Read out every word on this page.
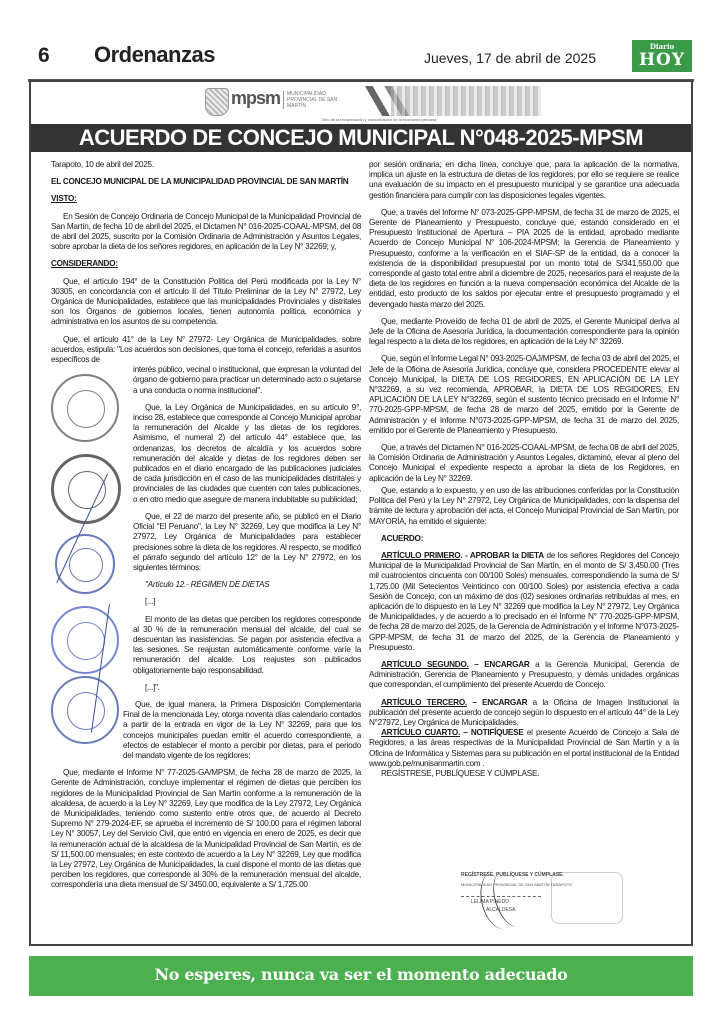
6 Ordenanzas	Jueves, 17 de abril de 2025
Diario
HOY
mpsm	MUNICIPALIDAD PROVINCIAL DE SAN MARTÍN
"Año de la recuperación y consolidación de la economía peruana"
ACUERDO DE CONCEJO MUNICIPAL N°048-2025-MPSM

Tarapoto, 10 de abril del 2025.

EL CONCEJO MUNICIPAL DE LA MUNICIPALIDAD PROVINCIAL DE SAN MARTÍN

VISTO:

En Sesión de Concejo Ordinaria de Concejo Municipal de la Municipalidad Provincial de San Martín, de fecha 10 de abril del 2025, el Dictamen N° 016-2025-COAAL-MPSM, del 08 de abril del 2025, suscrito por la Comisión Ordinaria de Administración y Asuntos Legales, sobre aprobar la dieta de los señores regidores, en aplicación de la Ley N° 32269; y,

CONSIDERANDO:

Que, el artículo 194° de la Constitución Política del Perú modificada por la Ley N° 30305, en concordancia con el artículo II del Título Preliminar de la Ley N° 27972, Ley Orgánica de Municipalidades, establece que las municipalidades Provinciales y distritales son los Órganos de gobiernos locales, tienen autonomía política, económica y administrativa en los asuntos de su competencia.

Que, el artículo 41° de la Ley N° 27972- Ley Orgánica de Municipalidades, sobre acuerdos, estipula: "Los acuerdos son decisiones, que toma el concejo, referidas a asuntos específicos de

interés público, vecinal o institucional, que expresan la voluntad del órgano de gobierno para practicar un determinado acto o sujetarse a una conducta o norma institucional".

Que, la Ley Orgánica de Municipalidades, en su artículo 9°, inciso 28, establece que corresponde al Concejo Municipal aprobar la remuneración del Alcalde y las dietas de los regidores. Asimismo, el numeral 2) del artículo 44° establece que, las ordenanzas, los decretos de alcaldía y los acuerdos sobre remuneración del alcalde y dietas de los regidores deben ser publicados en el diario encargado de las publicaciones judiciales de cada jurisdicción en el caso de las municipalidades distritales y provinciales de las ciudades que cuenten con tales publicaciones, o en otro medio que asegure de manera indubitable su publicidad;

Que, el 22 de marzo del presente año, se publicó en el Diario Oficial "El Peruano", la Ley N° 32269, Ley que modifica la Ley N° 27972, Ley Orgánica de Municipalidades para establecer precisiones sobre la dieta de los regidores. Al respecto, se modificó el párrafo segundo del artículo 12° de la Ley N° 27972, en los siguientes términos:

"Artículo 12.- RÉGIMEN DE DIETAS

[...]

El monto de las dietas que perciben los regidores corresponde al 30 % de la remuneración mensual del alcalde, del cual se descuentan las inasistencias. Se pagan por asistencia efectiva a las sesiones. Se reajustan automáticamente conforme varíe la remuneración del alcalde. Los reajustes son publicados obligatoriamente bajo responsabilidad.

[...]".

Que, de igual manera, la Primera Disposición Complementaria Final de la mencionada Ley, otorga noventa días calendario contados a partir de la entrada en vigor de la Ley N° 32269, para que los concejos municipales puedan emitir el acuerdo correspondiente, a efectos de establecer el monto a percibir por dietas, para el periodo del mandato vigente de los regidores;

Que, mediante el Informe N° 77-2025-GA/MPSM, de fecha 28 de marzo de 2025, la Gerente de Administración, concluye implementar el régimen de dietas que perciben los regidores de la Municipalidad Provincial de San Martín conforme a la remuneración de la alcaldesa, de acuerdo a la Ley N° 32269, Ley que modifica de la Ley 27972, Ley Orgánica de Municipalidades, teniendo como sustento entre otros que, de acuerdo al Decreto Supremo N° 279-2024-EF, se aprueba el incremento de S/ 100.00 para el régimen laboral Ley N° 30057, Ley del Servicio Civil, que entró en vigencia en enero de 2025, es decir que la remuneración actual de la alcaldesa de la Municipalidad Provincial de San Martín, es de S/ 11,500.00 mensuales; en este contexto de acuerdo a la Ley N° 32269, Ley que modifica la Ley 27972, Ley Orgánica de Municipalidades, la cual dispone el monto de las dietas que perciben los regidores, que corresponde al 30% de la remuneración mensual del alcalde, correspondería una dieta mensual de S/ 3450.00, equivalente a S/ 1,725.00

por sesión ordinaria; en dicha línea, concluye que, para la aplicación de la normativa, implica un ajuste en la estructura de dietas de los regidores, por ello se requiere se realice una evaluación de su impacto en el presupuesto municipal y se garantice una adecuada gestión financiera para cumplir con las disposiciones legales vigentes.

Que, a través del Informe N° 073-2025-GPP-MPSM, de fecha 31 de marzo de 2025, el Gerente de Planeamiento y Presupuesto, concluye que, estando considerado en el Presupuesto Institucional de Apertura – PIA 2025 de la entidad, aprobado mediante Acuerdo de Concejo Municipal N° 106-2024-MPSM; la Gerencia de Planeamiento y Presupuesto, conforme a la verificación en el SIAF-SP de la entidad, da a conocer la existencia de la disponibilidad presupuestal por un monto total de S/341,550.00 que corresponde al gasto total entre abril a diciembre de 2025, necesarios para el reajuste de la dieta de los regidores en función a la nueva compensación económica del Alcalde de la entidad, esto producto de los saldos por ejecutar entre el presupuesto programado y el devengado hasta marzo del 2025.

Que, mediante Proveído de fecha 01 de abril de 2025, el Gerente Municipal deriva al Jefe de la Oficina de Asesoría Jurídica, la documentación correspondiente para la opinión legal respecto a la dieta de los regidores, en aplicación de la Ley N° 32269.

Que, según el Informe Legal N° 093-2025-OAJ/MPSM, de fecha 03 de abril del 2025, el Jefe de la Oficina de Asesoría Jurídica, concluye que, considera PROCEDENTE elevar al Concejo Municipal, la DIETA DE LOS REGIDORES, EN APLICACIÓN DE LA LEY N°32269, a su vez recomienda, APROBAR, la DIETA DE LOS REGIDORES, EN APLICACIÓN DE LA LEY N°32269, según el sustento técnico precisado en el Informe N° 770-2025-GPP-MPSM, de fecha 28 de marzo del 2025, emitido por la Gerente de Administración y el Informe N°073-2025-GPP-MPSM, de fecha 31 de marzo del 2025, emitido por el Gerente de Planeamiento y Presupuesto.

Que, a través del Dictamen N° 016-2025-COAAL-MPSM, de fecha 08 de abril del 2025, la Comisión Ordinaria de Administración y Asuntos Legales, dictaminó, elevar al pleno del Concejo Municipal el expediente respecto a aprobar la dieta de los Regidores, en aplicación de la Ley N° 32269.

Que, estando a lo expuesto, y en uso de las atribuciones conferidas por la Constitución Política del Perú y la Ley N° 27972, Ley Orgánica de Municipalidades, con la dispensa del trámite de lectura y aprobación del acta, el Concejo Municipal Provincial de San Martín, por MAYORÍA, ha emitido el siguiente:

ACUERDO:

ARTÍCULO PRIMERO. - APROBAR la DIETA de los señores Regidores del Concejo Municipal de la Municipalidad Provincial de San Martín, en el monto de S/ 3,450.00 (Tres mil cuatrocientos cincuenta con 00/100 Soles) mensuales, correspondiendo la suma de S/ 1,725.00 (Mil Setecientos Veinticinco con 00/100 Soles) por asistencia efectiva a cada Sesión de Concejo, con un máximo de dos (02) sesiones ordinarias retribuidas al mes, en aplicación de lo dispuesto en la Ley N° 32269 que modifica la Ley N° 27972, Ley Orgánica de Municipalidades, y de acuerdo a lo precisado en el Informe N° 770-2025-GPP-MPSM, de fecha 28 de marzo del 2025, de la Gerencia de Administración y el Informe N°073-2025-GPP-MPSM, de fecha 31 de marzo del 2025, de la Gerencia de Planeamiento y Presupuesto.

ARTÍCULO SEGUNDO. – ENCARGAR a la Gerencia Municipal, Gerencia de Administración, Gerencia de Planeamiento y Presupuesto, y demás unidades orgánicas que correspondan, el cumplimiento del presente Acuerdo de Concejo.

ARTÍCULO TERCERO. – ENCARGAR a la Oficina de Imagen Institucional la publicación del presente acuerdo de concejo según lo dispuesto en el artículo 44° de la Ley N°27972, Ley Orgánica de Municipalidades.

ARTÍCULO CUARTO. – NOTIFÍQUESE el presente Acuerdo de Concejo a Sala de Regidores, a las áreas respectivas de la Municipalidad Provincial de San Martín y a la Oficina de Informática y Sistemas para su publicación en el portal institucional de la Entidad www.gob.pe/munisanmartin.com .

REGÍSTRESE, PUBLÍQUESE Y CÚMPLASE.

REGÍSTRESE, PUBLÍQUESE Y CÚMPLASE.
MUNICIPALIDAD PROVINCIAL DE SAN MARTÍN TARAPOTO
LELIMA PINEDO
ALCALDESA
No esperes, nunca va ser el momento adecuado
